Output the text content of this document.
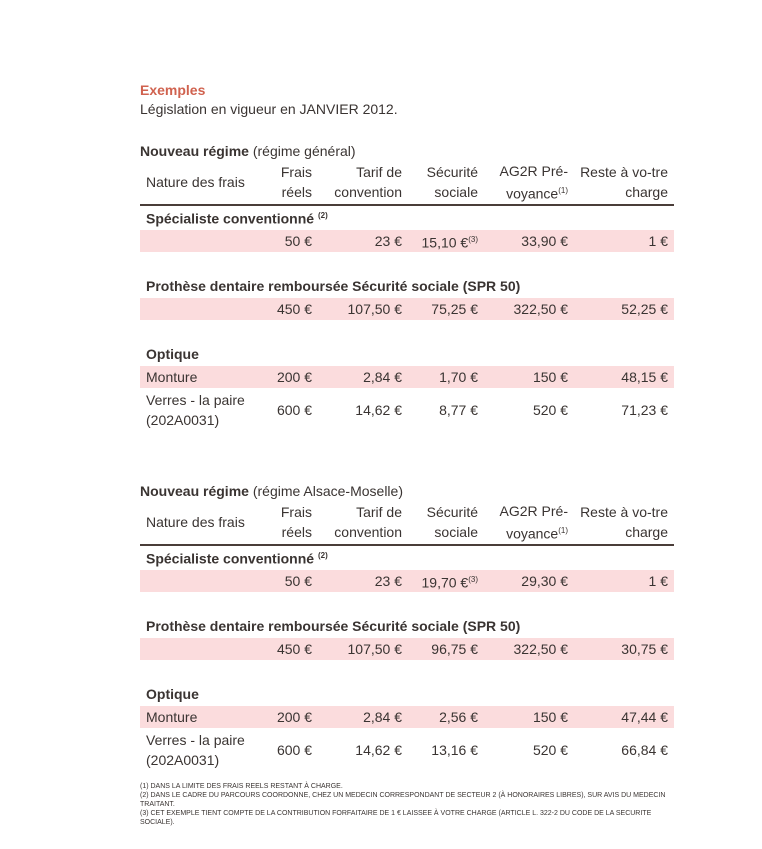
Exemples
Législation en vigueur en JANVIER 2012.
Nouveau régime (régime général)
Nature des frais	Frais réels	Tarif de convention	Sécurité sociale	AG2R Pré-voyance$^{(1)}$	Reste à vo-tre charge
Spécialiste conventionné $^{(2)}$
	50 €	23 €	15,10 €$^{(3)}$	33,90 €	1 €

Prothèse dentaire remboursée Sécurité sociale (SPR 50)					
	450 €	107,50 €	75,25 €	322,50 €	52,25 €

Optique					
Monture	200 €	2,84 €	1,70 €	150 €	48,15 €
Verres - la paire
(202A0031)	600 €	14,62 €	8,77 €	520 €	71,23 €
Nouveau régime (régime Alsace-Moselle)
Nature des frais	Frais réels	Tarif de convention	Sécurité sociale	AG2R Pré-voyance$^{(1)}$	Reste à vo-tre charge
Spécialiste conventionné $^{(2)}$
	50 €	23 €	19,70 €$^{(3)}$	29,30 €	1 €

Prothèse dentaire remboursée Sécurité sociale (SPR 50)					
	450 €	107,50 €	96,75 €	322,50 €	30,75 €

Optique					
Monture	200 €	2,84 €	2,56 €	150 €	47,44 €
Verres - la paire
(202A0031)	600 €	14,62 €	13,16 €	520 €	66,84 €

(1) DANS LA LIMITE DES FRAIS REELS RESTANT À CHARGE.

(2) DANS LE CADRE DU PARCOURS COORDONNE, CHEZ UN MEDECIN CORRESPONDANT DE SECTEUR 2 (À HONORAIRES LIBRES), SUR AVIS DU MEDECIN TRAITANT.

(3) CET EXEMPLE TIENT COMPTE DE LA CONTRIBUTION FORFAITAIRE DE 1 € LAISSEE À VOTRE CHARGE (ARTICLE L. 322-2 DU CODE DE LA SECURITE SOCIALE).
